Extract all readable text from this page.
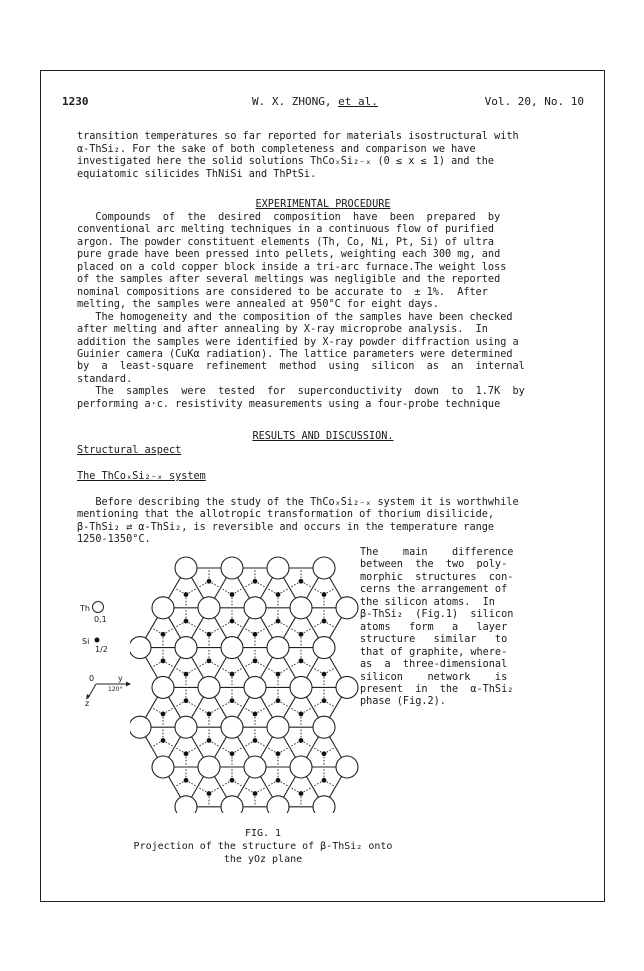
1230	W. X. ZHONG, et al.	Vol. 20, No. 10
transition temperatures so far reported for materials isostructural with
α-ThSi₂. For the sake of both completeness and comparison we have
investigated here the solid solutions ThCoₓSi₂₋ₓ (0 ≤ x ≤ 1) and the
equiatomic silicides ThNiSi and ThPtSi.
EXPERIMENTAL PROCEDURE
Compounds  of  the  desired  composition  have  been  prepared  by
conventional arc melting techniques in a continuous flow of purified
argon. The powder constituent elements (Th, Co, Ni, Pt, Si) of ultra
pure grade have been pressed into pellets, weighting each 300 mg, and
placed on a cold copper block inside a tri-arc furnace.The weight loss
of the samples after several meltings was negligible and the reported
nominal compositions are considered to be accurate to  ± 1%.  After
melting, the samples were annealed at 950°C for eight days.
The homogeneity and the composition of the samples have been checked
after melting and after annealing by X-ray microprobe analysis.  In
addition the samples were identified by X-ray powder diffraction using a
Guinier camera (CuKα radiation). The lattice parameters were determined
by  a  least-square  refinement  method  using  silicon  as  an  internal
standard.
The  samples  were  tested  for  superconductivity  down  to  1.7K  by
performing a·c. resistivity measurements using a four-probe technique
RESULTS AND DISCUSSION.
Structural aspect
The ThCoₓSi₂₋ₓ system
Before describing the study of the ThCoₓSi₂₋ₓ system it is worthwhile
mentioning that the allotropic transformation of thorium disilicide,
β-ThSi₂ ⇄ α-ThSi₂, is reversible and occurs in the temperature range
1250-1350°C.
The    main    difference
between  the  two  poly-
morphic  structures  con-
cerns the arrangement of
the silicon atoms.  In
β-ThSi₂  (Fig.1)  silicon
atoms   form   a   layer
structure   similar   to
that of graphite, where-
as  a  three-dimensional
silicon    network    is
present  in  the  α-ThSi₂
phase (Fig.2).
Th
0,1
Si
1/2
0	y
120°
z
FIG. 1
Projection of the structure of β-ThSi₂ onto
the yOz plane
